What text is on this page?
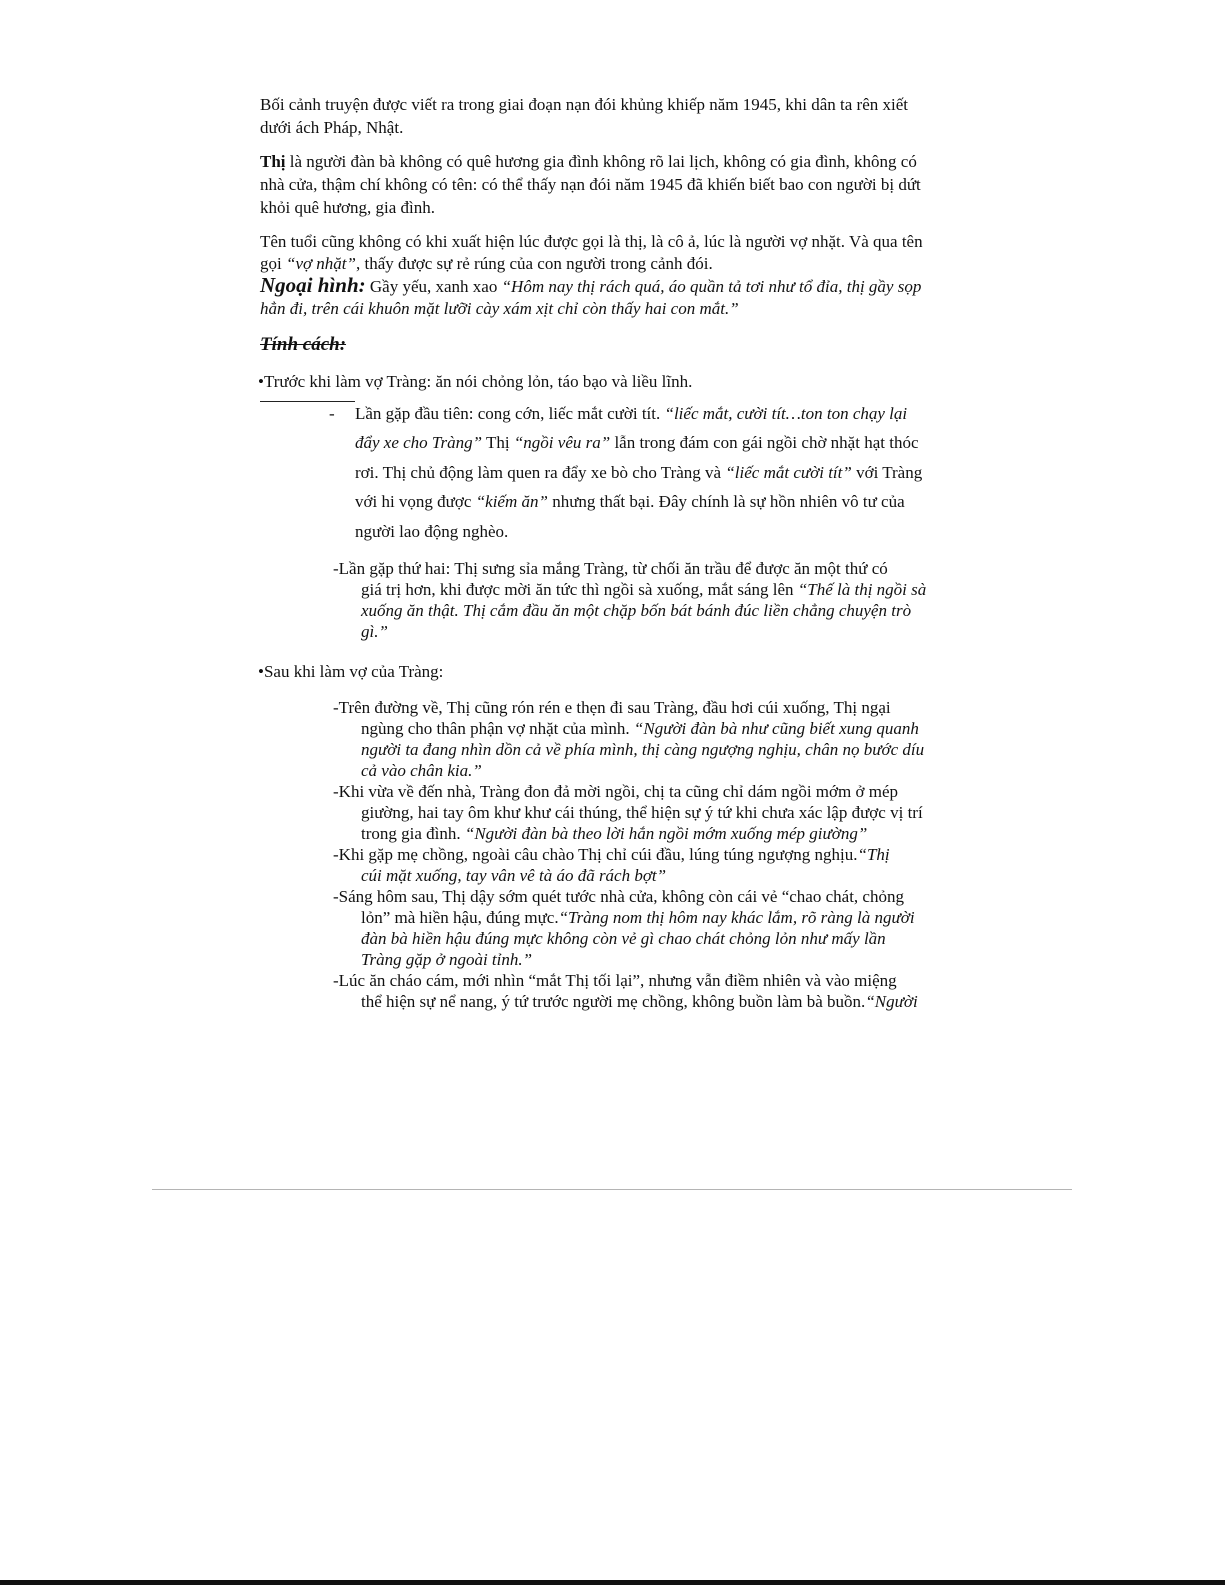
Bối cảnh truyện được viết ra trong giai đoạn nạn đói khủng khiếp năm 1945, khi dân ta rên xiết

dưới ách Pháp, Nhật.

Thị là người đàn bà không có quê hương gia đình không rõ lai lịch, không có gia đình, không có

nhà cửa, thậm chí không có tên: có thể thấy nạn đói năm 1945 đã khiến biết bao con người bị dứt

khỏi quê hương, gia đình.

Tên tuổi cũng không có khi xuất hiện lúc được gọi là thị, là cô ả, lúc là người vợ nhặt. Và qua tên

gọi “vợ nhặt”, thấy được sự rẻ rúng của con người trong cảnh đói.

Ngoại hình: Gầy yếu, xanh xao “Hôm nay thị rách quá, áo quần tả tơi như tổ đỉa, thị gầy sọp

hẳn đi, trên cái khuôn mặt lưỡi cày xám xịt chỉ còn thấy hai con mắt.”

Tính cách:

•Trước khi làm vợ Tràng: ăn nói chỏng lỏn, táo bạo và liều lĩnh.

- Lần gặp đầu tiên: cong cớn, liếc mắt cười tít. “liếc mắt, cười tít…ton ton chạy lại

đẩy xe cho Tràng” Thị “ngồi vêu ra” lẫn trong đám con gái ngồi chờ nhặt hạt thóc

rơi. Thị chủ động làm quen ra đẩy xe bò cho Tràng và “liếc mắt cười tít” với Tràng

với hi vọng được “kiếm ăn” nhưng thất bại. Đây chính là sự hồn nhiên vô tư của

người lao động nghèo.

-Lần gặp thứ hai: Thị sưng sỉa mắng Tràng, từ chối ăn trầu để được ăn một thứ có

giá trị hơn, khi được mời ăn tức thì ngồi sà xuống, mắt sáng lên “Thế là thị ngồi sà

xuống ăn thật. Thị cắm đầu ăn một chặp bốn bát bánh đúc liền chẳng chuyện trò

gì.”

•Sau khi làm vợ của Tràng:

-Trên đường về, Thị cũng rón rén e thẹn đi sau Tràng, đầu hơi cúi xuống, Thị ngại

ngùng cho thân phận vợ nhặt của mình. “Người đàn bà như cũng biết xung quanh

người ta đang nhìn dồn cả về phía mình, thị càng ngượng nghịu, chân nọ bước díu

cả vào chân kia.”

-Khi vừa về đến nhà, Tràng đon đả mời ngồi, chị ta cũng chỉ dám ngồi mớm ở mép

giường, hai tay ôm khư khư cái thúng, thể hiện sự ý tứ khi chưa xác lập được vị trí

trong gia đình. “Người đàn bà theo lời hắn ngồi mớm xuống mép giường”

-Khi gặp mẹ chồng, ngoài câu chào Thị chỉ cúi đầu, lúng túng ngượng nghịu.“Thị

cúi mặt xuống, tay vân vê tà áo đã rách bợt”

-Sáng hôm sau, Thị dậy sớm quét tước nhà cửa, không còn cái vẻ “chao chát, chỏng

lỏn” mà hiền hậu, đúng mực.“Tràng nom thị hôm nay khác lắm, rõ ràng là người

đàn bà hiền hậu đúng mực không còn vẻ gì chao chát chỏng lỏn như mấy lần

Tràng gặp ở ngoài tỉnh.”

-Lúc ăn cháo cám, mới nhìn “mắt Thị tối lại”, nhưng vẫn điềm nhiên và vào miệng

thể hiện sự nể nang, ý tứ trước người mẹ chồng, không buồn làm bà buồn.“Người
